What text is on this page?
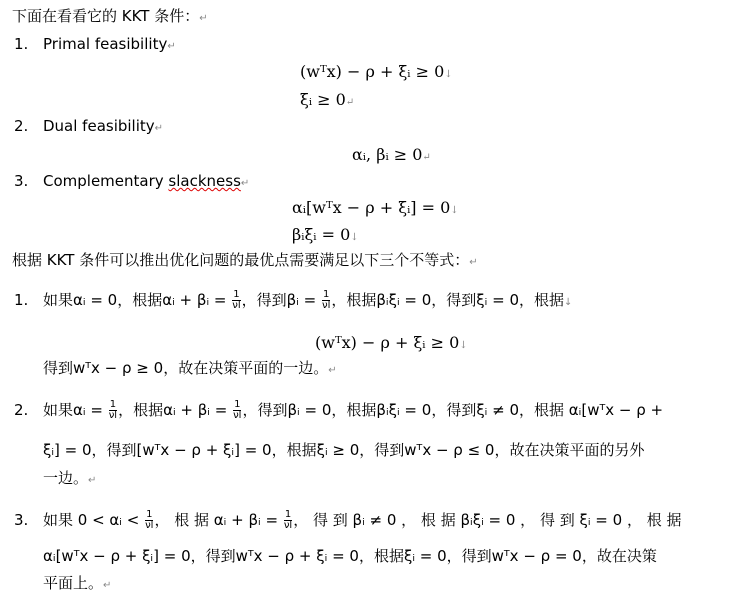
下面在看看它的 KKT 条件：↵
1. Primal feasibility↵
(wᵀx) − ρ + ξᵢ ≥ 0↓
ξᵢ ≥ 0↵
2. Dual feasibility↵
αᵢ, βᵢ ≥ 0↵
3. Complementary slackness↵
αᵢ[wᵀx − ρ + ξᵢ] = 0↓
βᵢξᵢ = 0↓
根据 KKT 条件可以推出优化问题的最优点需要满足以下三个不等式：↵
1. 如果αᵢ = 0，根据αᵢ + βᵢ = $\frac{1}{\nu l}$ ，得到βᵢ = $\frac{1}{\nu l}$ ，根据βᵢξᵢ = 0，得到ξᵢ = 0，根据↓
(wᵀx) − ρ + ξᵢ ≥ 0↓
得到wᵀx − ρ ≥ 0，故在决策平面的一边。↵
2. 如果αᵢ = $\frac{1}{\nu l}$ ，根据αᵢ + βᵢ = $\frac{1}{\nu l}$ ，得到βᵢ = 0，根据βᵢξᵢ = 0，得到ξᵢ ≠ 0，根据 αᵢ[wᵀx − ρ +
ξᵢ] = 0，得到[wᵀx − ρ + ξᵢ] = 0，根据ξᵢ ≥ 0，得到wᵀx − ρ ≤ 0，故在决策平面的另外
一边。↵
3. 如果 0 < αᵢ < $\frac{1}{\nu l}$ ， 根 据 αᵢ + βᵢ = $\frac{1}{\nu l}$ ， 得 到 βᵢ ≠ 0 ， 根 据 βᵢξᵢ = 0 ， 得 到 ξᵢ = 0 ， 根 据
αᵢ[wᵀx − ρ + ξᵢ] = 0，得到wᵀx − ρ + ξᵢ = 0，根据ξᵢ = 0，得到wᵀx − ρ = 0，故在决策
平面上。↵
